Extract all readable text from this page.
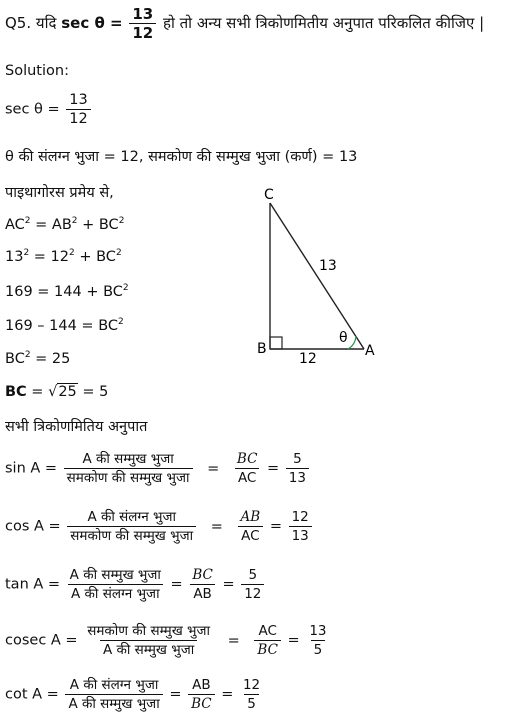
Q5. यदि $\sec \theta = \frac{13}{12}$ हो तो अन्य सभी त्रिकोणमितीय अनुपात परिकलित कीजिए |
Solution:
$\sec \theta = \frac{13}{12}$
θ की संलग्न भुजा = 12, समकोण की सम्मुख भुजा (कर्ण) = 13
पाइथागोरस प्रमेय से,
$AC^2 = AB^2 + BC^2$
$13^2 = 12^2 + BC^2$
$169 = 144 + BC^2$
$169 - 144 = BC^2$
$BC^2 = 25$
BC = √25 = 5
C
B	A
13
12
θ
सभी त्रिकोणमितिय अनुपात
$\sin A = \frac{\text{A की सम्मुख भुजा}}{\text{समकोण की सम्मुख भुजा}} = \frac{BC}{AC} = \frac{5}{13}$
$\cos A = \frac{\text{A की संलग्न भुजा}}{\text{समकोण की सम्मुख भुजा}} = \frac{AB}{AC} = \frac{12}{13}$
$\tan A = \frac{\text{A की सम्मुख भुजा}}{\text{A की संलग्न भुजा}} = \frac{BC}{AB} = \frac{5}{12}$
cosec $A = \frac{\text{समकोण की सम्मुख भुजा}}{\text{A की सम्मुख भुजा}} = \frac{AC}{BC} = \frac{13}{5}$
$\cot A = \frac{\text{A की संलग्न भुजा}}{\text{A की सम्मुख भुजा}} = \frac{AB}{BC} = \frac{12}{5}$
